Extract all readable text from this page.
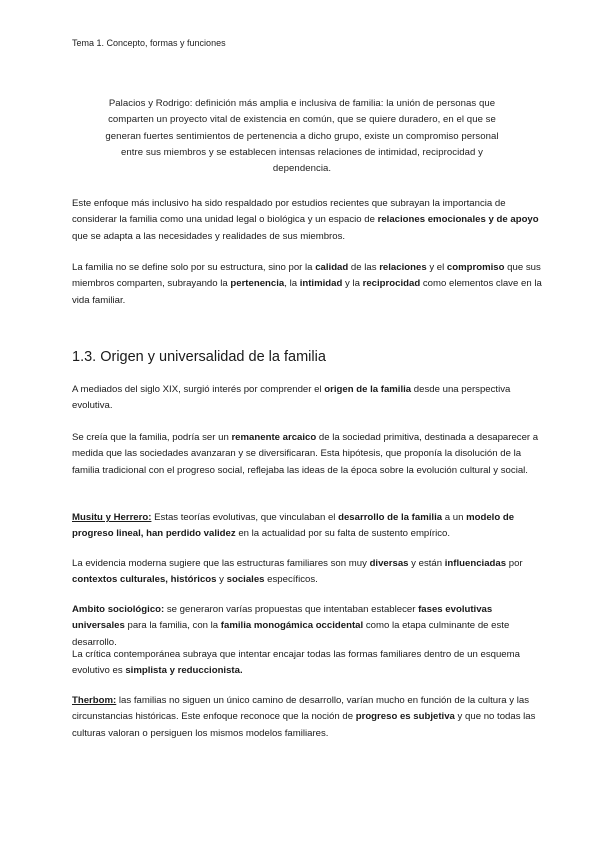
Tema 1. Concepto, formas y funciones

Palacios y Rodrigo: definición más amplia e inclusiva de familia: la unión de personas que comparten un proyecto vital de existencia en común, que se quiere duradero, en el que se generan fuertes sentimientos de pertenencia a dicho grupo, existe un compromiso personal entre sus miembros y se establecen intensas relaciones de intimidad, reciprocidad y dependencia.

Este enfoque más inclusivo ha sido respaldado por estudios recientes que subrayan la importancia de considerar la familia como una unidad legal o biológica y un espacio de relaciones emocionales y de apoyo que se adapta a las necesidades y realidades de sus miembros.

La familia no se define solo por su estructura, sino por la calidad de las relaciones y el compromiso que sus miembros comparten, subrayando la pertenencia, la intimidad y la reciprocidad como elementos clave en la vida familiar.

1.3. Origen y universalidad de la familia

A mediados del siglo XIX, surgió interés por comprender el origen de la familia desde una perspectiva evolutiva.

Se creía que la familia, podría ser un remanente arcaico de la sociedad primitiva, destinada a desaparecer a medida que las sociedades avanzaran y se diversificaran. Esta hipótesis, que proponía la disolución de la familia tradicional con el progreso social, reflejaba las ideas de la época sobre la evolución cultural y social.

Musitu y Herrero: Estas teorías evolutivas, que vinculaban el desarrollo de la familia a un modelo de progreso lineal, han perdido validez en la actualidad por su falta de sustento empírico.

La evidencia moderna sugiere que las estructuras familiares son muy diversas y están influenciadas por contextos culturales, históricos y sociales específicos.

Ambito sociológico: se generaron varías propuestas que intentaban establecer fases evolutivas universales para la familia, con la familia monogámica occidental como la etapa culminante de este desarrollo.

La crítica contemporánea subraya que intentar encajar todas las formas familiares dentro de un esquema evolutivo es simplista y reduccionista.

Therbom: las familias no siguen un único camino de desarrollo, varían mucho en función de la cultura y las circunstancias históricas. Este enfoque reconoce que la noción de progreso es subjetiva y que no todas las culturas valoran o persiguen los mismos modelos familiares.
